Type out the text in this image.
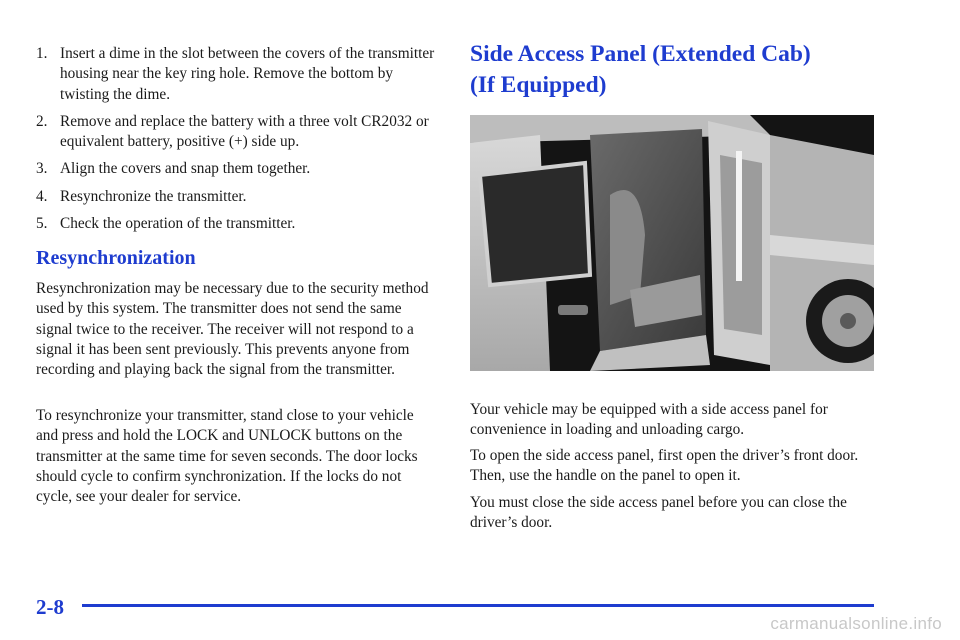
1. Insert a dime in the slot between the covers of the transmitter housing near the key ring hole. Remove the bottom by twisting the dime.
2. Remove and replace the battery with a three volt CR2032 or equivalent battery, positive (+) side up.
3. Align the covers and snap them together.
4. Resynchronize the transmitter.
5. Check the operation of the transmitter.
Resynchronization

Resynchronization may be necessary due to the security method used by this system. The transmitter does not send the same signal twice to the receiver. The receiver will not respond to a signal it has been sent previously. This prevents anyone from recording and playing back the signal from the transmitter.

To resynchronize your transmitter, stand close to your vehicle and press and hold the LOCK and UNLOCK buttons on the transmitter at the same time for seven seconds. The door locks should cycle to confirm synchronization. If the locks do not cycle, see your dealer for service.

Side Access Panel (Extended Cab)
(If Equipped)

Your vehicle may be equipped with a side access panel for convenience in loading and unloading cargo.

To open the side access panel, first open the driver’s front door. Then, use the handle on the panel to open it.

You must close the side access panel before you can close the driver’s door.

2-8
carmanualsonline.info
